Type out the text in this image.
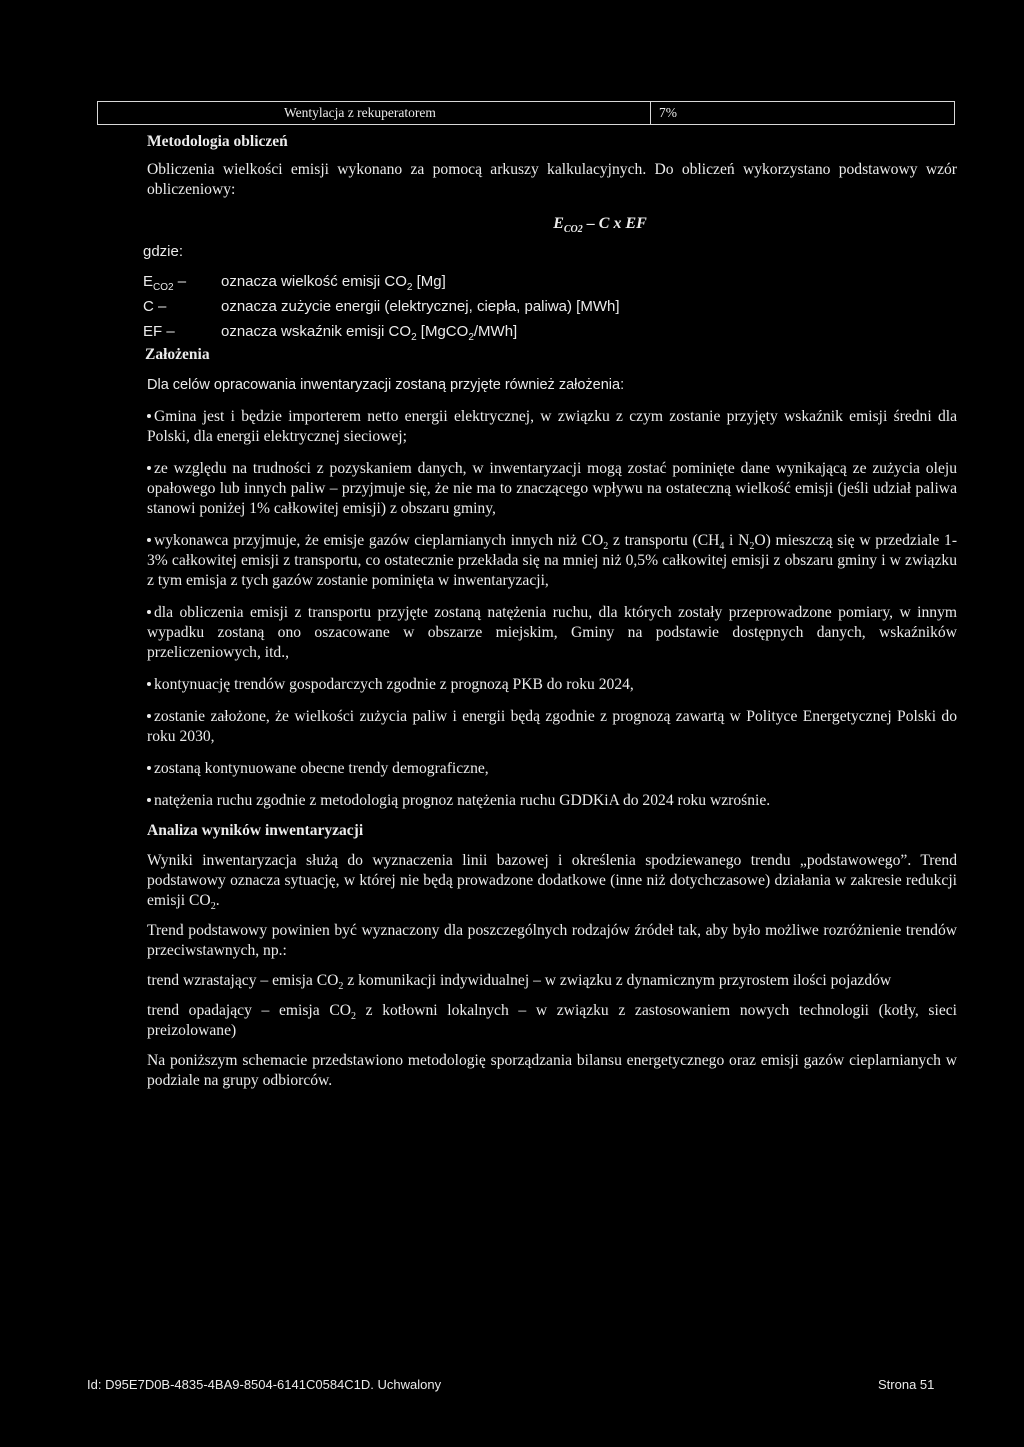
Wentylacja z rekuperatorem	7%
Metodologia obliczeń

Obliczenia wielkości emisji wykonano za pomocą arkuszy kalkulacyjnych. Do obliczeń wykorzystano podstawowy wzór obliczeniowy:

$E_{CO2}$ – C x EF
gdzie:
$E_{CO2}$ –	oznacza wielkość emisji $CO_2$ [Mg]
C –	oznacza zużycie energii (elektrycznej, ciepła, paliwa) [MWh]
EF –	oznacza wskaźnik emisji $CO_2$ [MgCO$_2$/MWh]
Założenia

Dla celów opracowania inwentaryzacji zostaną przyjęte również założenia:

Gmina jest i będzie importerem netto energii elektrycznej, w związku z czym zostanie przyjęty wskaźnik emisji średni dla Polski, dla energii elektrycznej sieciowej;

ze względu na trudności z pozyskaniem danych, w inwentaryzacji mogą zostać pominięte dane wynikającą ze zużycia oleju opałowego lub innych paliw – przyjmuje się, że nie ma to znaczącego wpływu na ostateczną wielkość emisji (jeśli udział paliwa stanowi poniżej 1% całkowitej emisji) z obszaru gminy,

wykonawca przyjmuje, że emisje gazów cieplarnianych innych niż $CO_2$ z transportu ($CH_4$ i $N_2O$) mieszczą się w przedziale 1-3% całkowitej emisji z transportu, co ostatecznie przekłada się na mniej niż 0,5% całkowitej emisji z obszaru gminy i w związku z tym emisja z tych gazów zostanie pominięta w inwentaryzacji,

dla obliczenia emisji z transportu przyjęte zostaną natężenia ruchu, dla których zostały przeprowadzone pomiary, w innym wypadku zostaną ono oszacowane w obszarze miejskim, Gminy na podstawie dostępnych danych, wskaźników przeliczeniowych, itd.,

kontynuację trendów gospodarczych zgodnie z prognozą PKB do roku 2024,

zostanie założone, że wielkości zużycia paliw i energii będą zgodnie z prognozą zawartą w Polityce Energetycznej Polski do roku 2030,

zostaną kontynuowane obecne trendy demograficzne,

natężenia ruchu zgodnie z metodologią prognoz natężenia ruchu GDDKiA do 2024 roku wzrośnie.

Analiza wyników inwentaryzacji

Wyniki inwentaryzacja służą do wyznaczenia linii bazowej i określenia spodziewanego trendu „podstawowego”. Trend podstawowy oznacza sytuację, w której nie będą prowadzone dodatkowe (inne niż dotychczasowe) działania w zakresie redukcji emisji $CO_2$.

Trend podstawowy powinien być wyznaczony dla poszczególnych rodzajów źródeł tak, aby było możliwe rozróżnienie trendów przeciwstawnych, np.:

trend wzrastający – emisja $CO_2$ z komunikacji indywidualnej – w związku z dynamicznym przyrostem ilości pojazdów

trend opadający – emisja $CO_2$ z kotłowni lokalnych – w związku z zastosowaniem nowych technologii (kotły, sieci preizolowane)

Na poniższym schemacie przedstawiono metodologię sporządzania bilansu energetycznego oraz emisji gazów cieplarnianych w podziale na grupy odbiorców.

Id: D95E7D0B-4835-4BA9-8504-6141C0584C1D. Uchwalony	Strona 51
